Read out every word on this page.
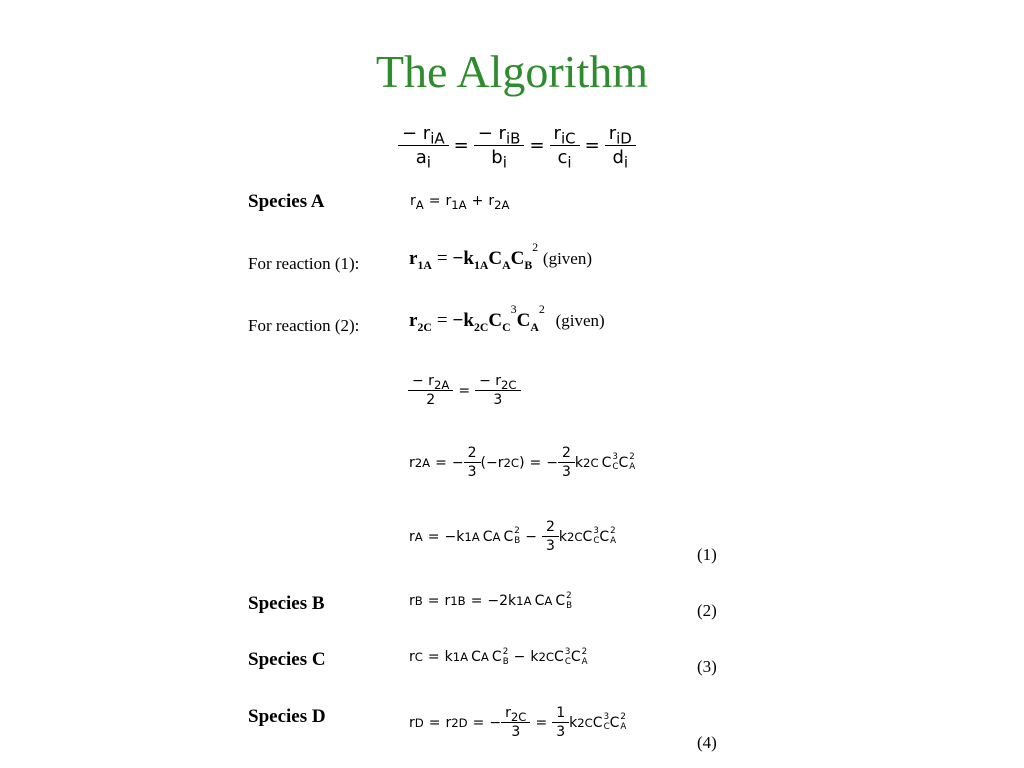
The Algorithm
$\frac{- r_{iA}}{a_i} = \frac{- r_{iB}}{b_i} = \frac{r_{iC}}{c_i} = \frac{r_{iD}}{d_i}$
Species A	$r_A = r_{1A} + r_{2A}$
For reaction (1):	$r_{1A} = -k_{1A}C_AC_B^2$ (given)
For reaction (2):	$r_{2C} = -k_{2C}C_C^3C_A^2$ (given)
$\frac{- r_{2A}}{2} = \frac{- r_{2C}}{3}$
r 2A = − $\frac{2}{3} (-r$ 2C ) = − $\frac{2}{3}$ k 2C C 3
C C 2
A
r A = −k 1A C A C 2
$B - \frac{2}{3}$ k 2C C 3
C C 2
A
(1)
Species B	r B = r 1B = −2k 1A C A C 2
B	(2)
Species C	r C = k 1A C A C 2
B − k 2C C 3
C C 2
A	(3)
Species D	r D = r 2D = − $\frac{r_{2C}}{3} = \frac{1}{3}$ k 2C C 3
C C 2
A
(4)
